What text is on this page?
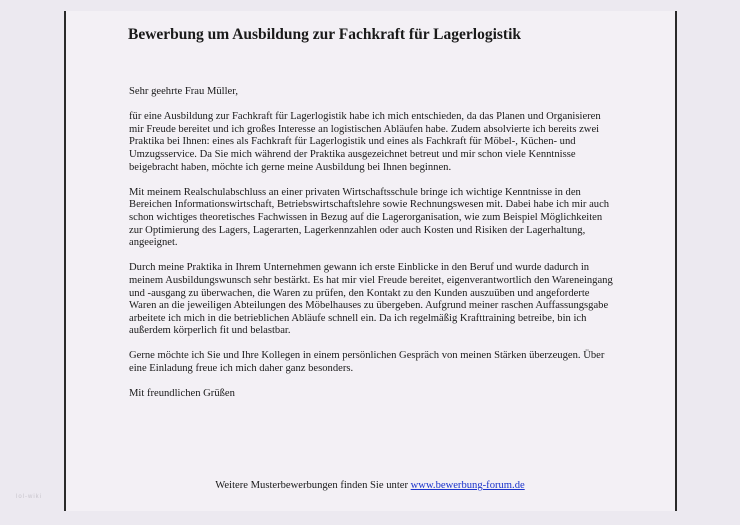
Bewerbung um Ausbildung zur Fachkraft für Lagerlogistik

Sehr geehrte Frau Müller,

für eine Ausbildung zur Fachkraft für Lagerlogistik habe ich mich entschieden, da das Planen und Organisieren mir Freude bereitet und ich großes Interesse an logistischen Abläufen habe. Zudem absolvierte ich bereits zwei Praktika bei Ihnen: eines als Fachkraft für Lagerlogistik und eines als Fachkraft für Möbel-, Küchen- und Umzugsservice. Da Sie mich während der Praktika ausgezeichnet betreut und mir schon viele Kenntnisse beigebracht haben, möchte ich gerne meine Ausbildung bei Ihnen beginnen.

Mit meinem Realschulabschluss an einer privaten Wirtschaftsschule bringe ich wichtige Kenntnisse in den Bereichen Informationswirtschaft, Betriebswirtschaftslehre sowie Rechnungswesen mit. Dabei habe ich mir auch schon wichtiges theoretisches Fachwissen in Bezug auf die Lagerorganisation, wie zum Beispiel Möglichkeiten zur Optimierung des Lagers, Lagerarten, Lagerkennzahlen oder auch Kosten und Risiken der Lagerhaltung, angeeignet.

Durch meine Praktika in Ihrem Unternehmen gewann ich erste Einblicke in den Beruf und wurde dadurch in meinem Ausbildungswunsch sehr bestärkt. Es hat mir viel Freude bereitet, eigenverantwortlich den Wareneingang und -ausgang zu überwachen, die Waren zu prüfen, den Kontakt zu den Kunden auszuüben und angeforderte Waren an die jeweiligen Abteilungen des Möbelhauses zu übergeben. Aufgrund meiner raschen Auffassungsgabe arbeitete ich mich in die betrieblichen Abläufe schnell ein. Da ich regelmäßig Krafttraining betreibe, bin ich außerdem körperlich fit und belastbar.

Gerne möchte ich Sie und Ihre Kollegen in einem persönlichen Gespräch von meinen Stärken überzeugen. Über eine Einladung freue ich mich daher ganz besonders.

Mit freundlichen Grüßen

Weitere Musterbewerbungen finden Sie unter www.bewerbung-forum.de
lol-wiki
